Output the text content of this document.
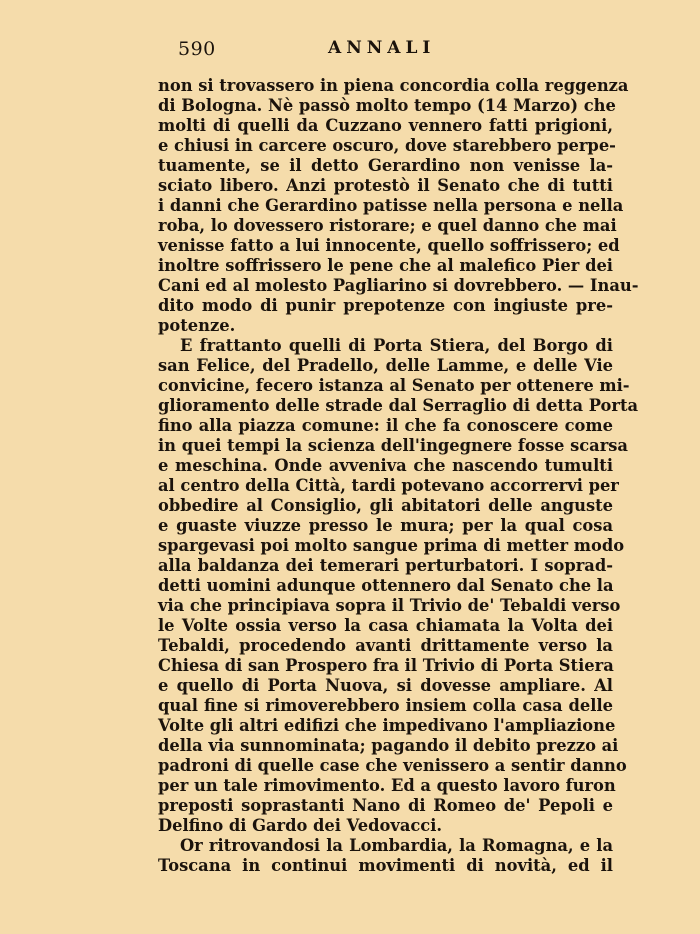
590	ANNALI
non si trovassero in piena concordia colla reggenza
di Bologna. Nè passò molto tempo (14 Marzo) che
molti di quelli da Cuzzano vennero fatti prigioni,
e chiusi in carcere oscuro, dove starebbero perpe-
tuamente, se il detto Gerardino non venisse la-
sciato libero. Anzi protestò il Senato che di tutti
i danni che Gerardino patisse nella persona e nella
roba, lo dovessero ristorare; e quel danno che mai
venisse fatto a lui innocente, quello soffrissero; ed
inoltre soffrissero le pene che al malefico Pier dei
Cani ed al molesto Pagliarino si dovrebbero. — Inau-
dito modo di punir prepotenze con ingiuste pre-
potenze.
E frattanto quelli di Porta Stiera, del Borgo di
san Felice, del Pradello, delle Lamme, e delle Vie
convicine, fecero istanza al Senato per ottenere mi-
glioramento delle strade dal Serraglio di detta Porta
fino alla piazza comune: il che fa conoscere come
in quei tempi la scienza dell'ingegnere fosse scarsa
e meschina. Onde avveniva che nascendo tumulti
al centro della Città, tardi potevano accorrervi per
obbedire al Consiglio, gli abitatori delle anguste
e guaste viuzze presso le mura; per la qual cosa
spargevasi poi molto sangue prima di metter modo
alla baldanza dei temerari perturbatori. I soprad-
detti uomini adunque ottennero dal Senato che la
via che principiava sopra il Trivio de' Tebaldi verso
le Volte ossia verso la casa chiamata la Volta dei
Tebaldi, procedendo avanti drittamente verso la
Chiesa di san Prospero fra il Trivio di Porta Stiera
e quello di Porta Nuova, si dovesse ampliare. Al
qual fine si rimoverebbero insiem colla casa delle
Volte gli altri edifizi che impedivano l'ampliazione
della via sunnominata; pagando il debito prezzo ai
padroni di quelle case che venissero a sentir danno
per un tale rimovimento. Ed a questo lavoro furon
preposti soprastanti Nano di Romeo de' Pepoli e
Delfino di Gardo dei Vedovacci.
Or ritrovandosi la Lombardia, la Romagna, e la
Toscana in continui movimenti di novità, ed il
